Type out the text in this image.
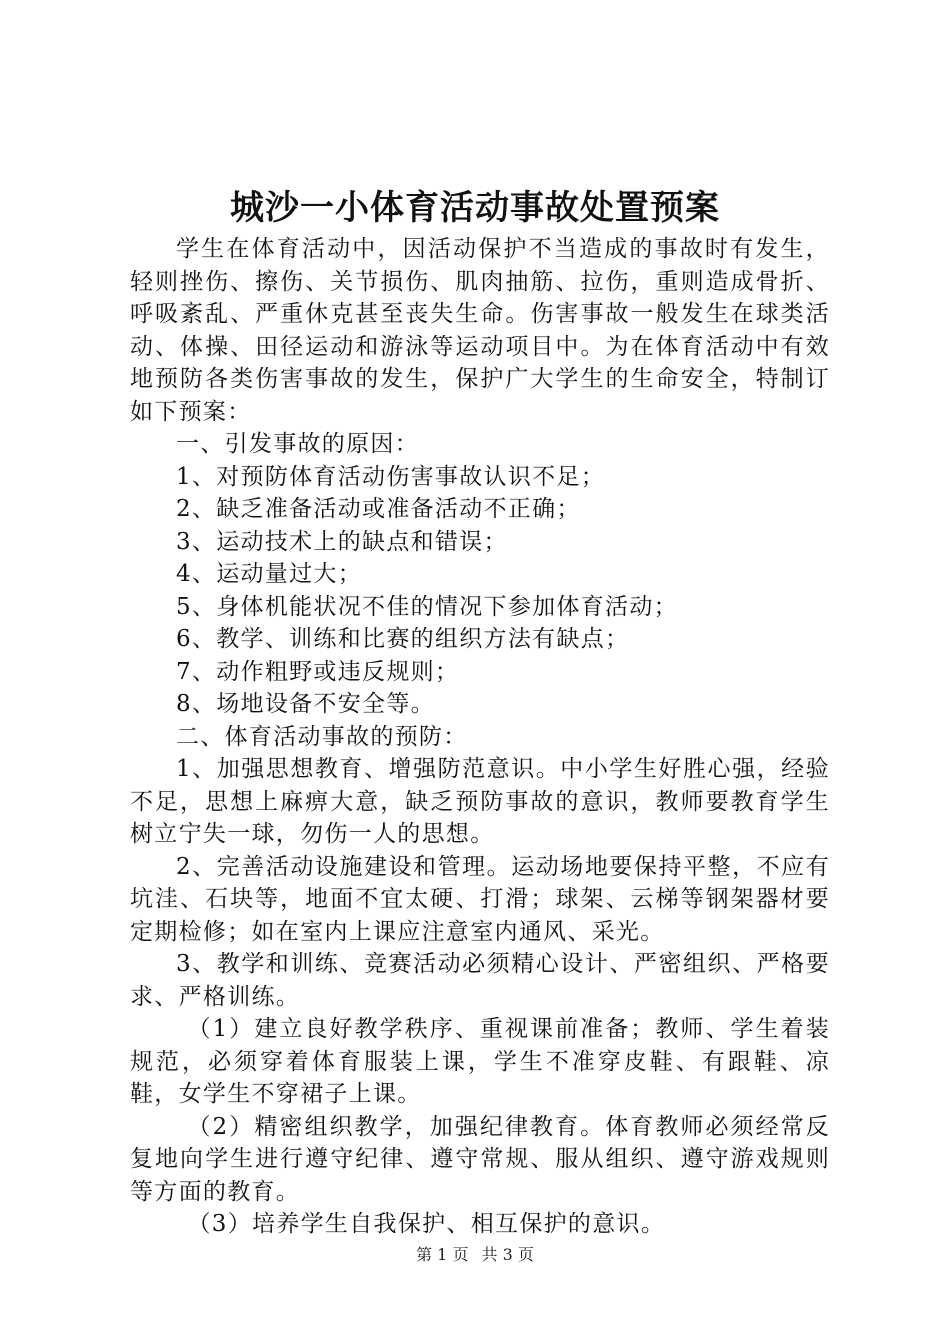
城沙一小体育活动事故处置预案

学生在体育活动中，因活动保护不当造成的事故时有发生，轻则挫伤、擦伤、关节损伤、肌肉抽筋、拉伤，重则造成骨折、呼吸紊乱、严重休克甚至丧失生命。伤害事故一般发生在球类活动、体操、田径运动和游泳等运动项目中。为在体育活动中有效地预防各类伤害事故的发生，保护广大学生的生命安全，特制订如下预案：

一、引发事故的原因：

1、对预防体育活动伤害事故认识不足；

2、缺乏准备活动或准备活动不正确；

3、运动技术上的缺点和错误；

4、运动量过大；

5、身体机能状况不佳的情况下参加体育活动；

6、教学、训练和比赛的组织方法有缺点；

7、动作粗野或违反规则；

8、场地设备不安全等。

二、体育活动事故的预防：

1、加强思想教育、增强防范意识。中小学生好胜心强，经验不足，思想上麻痹大意，缺乏预防事故的意识，教师要教育学生树立宁失一球，勿伤一人的思想。

2、完善活动设施建设和管理。运动场地要保持平整，不应有坑洼、石块等，地面不宜太硬、打滑；球架、云梯等钢架器材要定期检修；如在室内上课应注意室内通风、采光。

3、教学和训练、竞赛活动必须精心设计、严密组织、严格要求、严格训练。

（1）建立良好教学秩序、重视课前准备；教师、学生着装规范，必须穿着体育服装上课，学生不准穿皮鞋、有跟鞋、凉鞋，女学生不穿裙子上课。

（2）精密组织教学，加强纪律教育。体育教师必须经常反复地向学生进行遵守纪律、遵守常规、服从组织、遵守游戏规则等方面的教育。

（3）培养学生自我保护、相互保护的意识。

第 1 页 共 3 页
